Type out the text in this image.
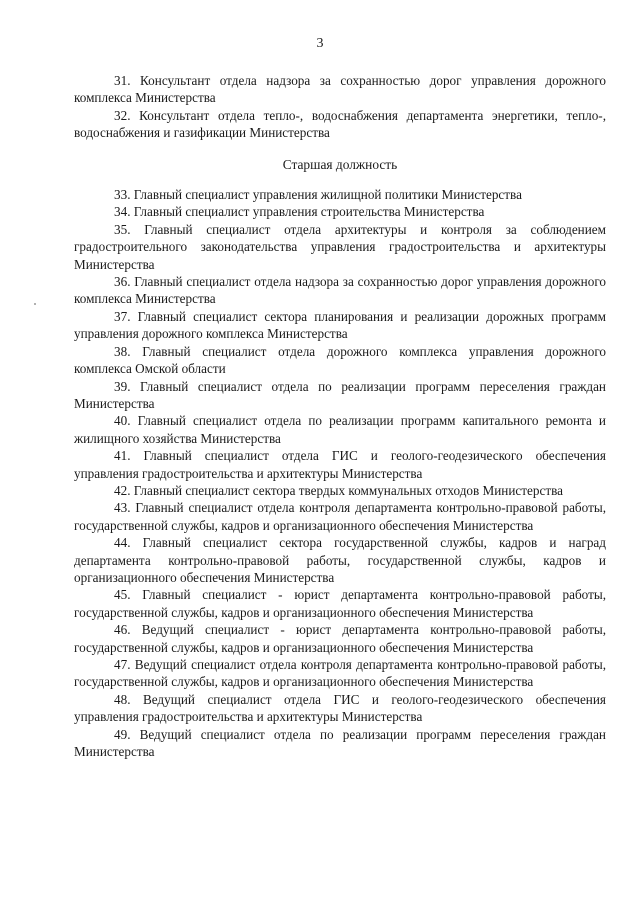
3

31. Консультант отдела надзора за сохранностью дорог управления дорожного комплекса Министерства

32. Консультант отдела тепло-, водоснабжения департамента энергетики, тепло-, водоснабжения и газификации Министерства

Старшая должность

33. Главный специалист управления жилищной политики Министерства

34. Главный специалист управления строительства Министерства

35. Главный специалист отдела архитектуры и контроля за соблюдением градостроительного законодательства управления градостроительства и архитектуры Министерства

36. Главный специалист отдела надзора за сохранностью дорог управления дорожного комплекса Министерства

37. Главный специалист сектора планирования и реализации дорожных программ управления дорожного комплекса Министерства

38. Главный специалист отдела дорожного комплекса управления дорожного комплекса Омской области

39. Главный специалист отдела по реализации программ переселения граждан Министерства

40. Главный специалист отдела по реализации программ капитального ремонта и жилищного хозяйства Министерства

41. Главный специалист отдела ГИС и геолого-геодезического обеспечения управления градостроительства и архитектуры Министерства

42. Главный специалист сектора твердых коммунальных отходов Министерства

43. Главный специалист отдела контроля департамента контрольно-правовой работы, государственной службы, кадров и организационного обеспечения Министерства

44. Главный специалист сектора государственной службы, кадров и наград департамента контрольно-правовой работы, государственной службы, кадров и организационного обеспечения Министерства

45. Главный специалист - юрист департамента контрольно-правовой работы, государственной службы, кадров и организационного обеспечения Министерства

46. Ведущий специалист - юрист департамента контрольно-правовой работы, государственной службы, кадров и организационного обеспечения Министерства

47. Ведущий специалист отдела контроля департамента контрольно-правовой работы, государственной службы, кадров и организационного обеспечения Министерства

48. Ведущий специалист отдела ГИС и геолого-геодезического обеспечения управления градостроительства и архитектуры Министерства

49. Ведущий специалист отдела по реализации программ переселения граждан Министерства
